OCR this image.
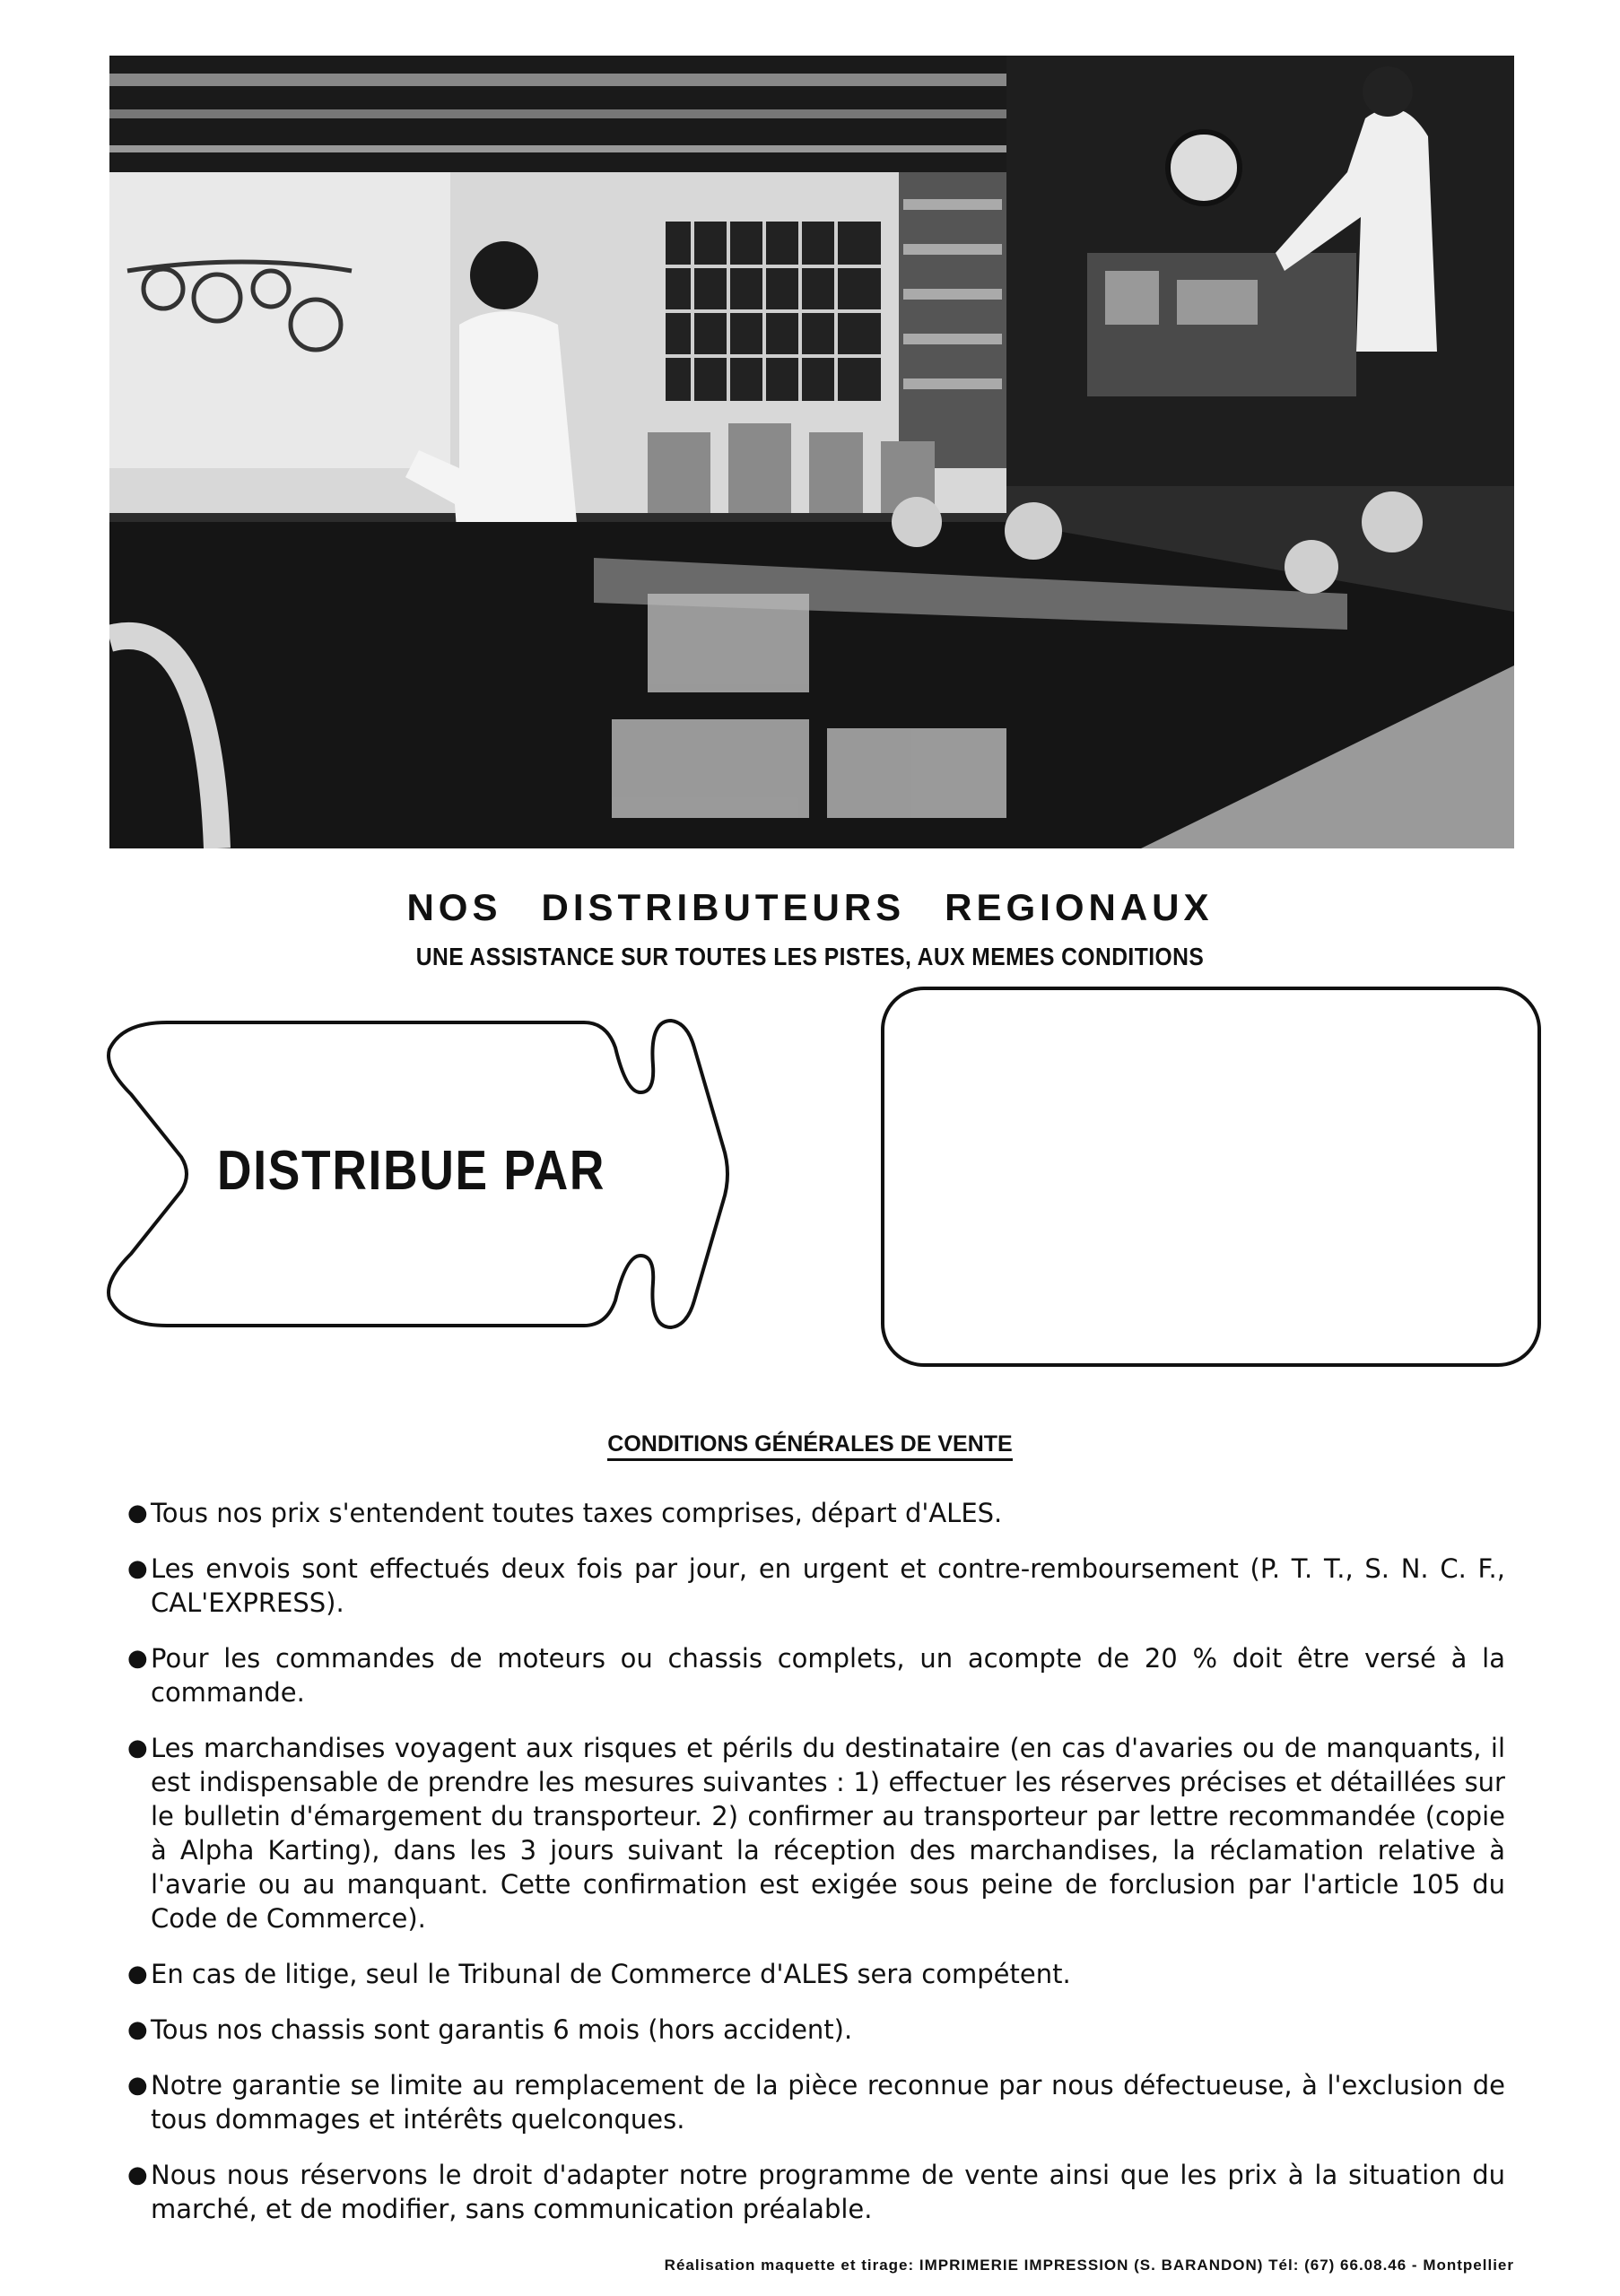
NOS DISTRIBUTEURS REGIONAUX
UNE ASSISTANCE SUR TOUTES LES PISTES, AUX MEMES CONDITIONS
DISTRIBUE PAR
CONDITIONS GÉNÉRALES DE VENTE
● Tous nos prix s'entendent toutes taxes comprises, départ d'ALES.
● Les envois sont effectués deux fois par jour, en urgent et contre-remboursement (P. T. T., S. N. C. F., CAL'EXPRESS).
● Pour les commandes de moteurs ou chassis complets, un acompte de 20 % doit être versé à la commande.
● Les marchandises voyagent aux risques et périls du destinataire (en cas d'avaries ou de manquants, il est indispensable de prendre les mesures suivantes : 1) effectuer les réserves précises et détaillées sur le bulletin d'émargement du transporteur. 2) confirmer au transporteur par lettre recommandée (copie à Alpha Karting), dans les 3 jours suivant la réception des marchandises, la réclamation relative à l'avarie ou au manquant. Cette confirmation est exigée sous peine de forclusion par l'article 105 du Code de Commerce).
● En cas de litige, seul le Tribunal de Commerce d'ALES sera compétent.
● Tous nos chassis sont garantis 6 mois (hors accident).
● Notre garantie se limite au remplacement de la pièce reconnue par nous défectueuse, à l'exclusion de tous dommages et intérêts quelconques.
● Nous nous réservons le droit d'adapter notre programme de vente ainsi que les prix à la situation du marché, et de modifier, sans communication préalable.
Réalisation maquette et tirage: IMPRIMERIE IMPRESSION (S. BARANDON) Tél: (67) 66.08.46 - Montpellier
